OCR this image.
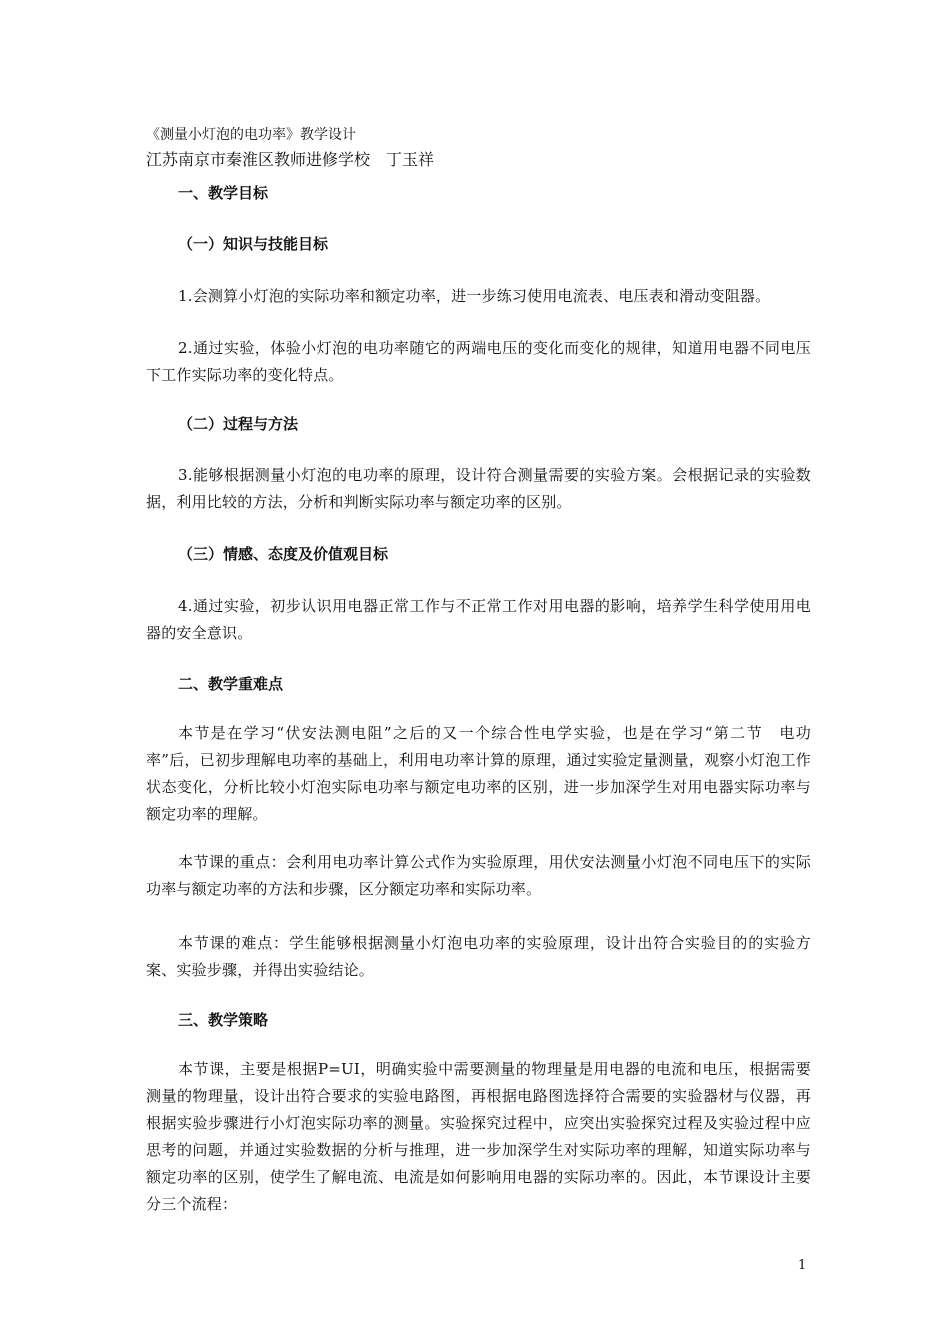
《测量小灯泡的电功率》教学设计
江苏南京市秦淮区教师进修学校　丁玉祥
一、教学目标
（一）知识与技能目标
1.会测算小灯泡的实际功率和额定功率，进一步练习使用电流表、电压表和滑动变阻器。
2.通过实验，体验小灯泡的电功率随它的两端电压的变化而变化的规律，知道用电器不同电压下工作实际功率的变化特点。
（二）过程与方法
3.能够根据测量小灯泡的电功率的原理，设计符合测量需要的实验方案。会根据记录的实验数据，利用比较的方法，分析和判断实际功率与额定功率的区别。
（三）情感、态度及价值观目标
4.通过实验，初步认识用电器正常工作与不正常工作对用电器的影响，培养学生科学使用用电器的安全意识。
二、教学重难点
本节是在学习“伏安法测电阻”之后的又一个综合性电学实验，也是在学习“第二节　电功率”后，已初步理解电功率的基础上，利用电功率计算的原理，通过实验定量测量，观察小灯泡工作状态变化，分析比较小灯泡实际电功率与额定电功率的区别，进一步加深学生对用电器实际功率与额定功率的理解。
本节课的重点：会利用电功率计算公式作为实验原理，用伏安法测量小灯泡不同电压下的实际功率与额定功率的方法和步骤，区分额定功率和实际功率。
本节课的难点：学生能够根据测量小灯泡电功率的实验原理，设计出符合实验目的的实验方案、实验步骤，并得出实验结论。
三、教学策略
本节课，主要是根据P=UI，明确实验中需要测量的物理量是用电器的电流和电压，根据需要测量的物理量，设计出符合要求的实验电路图，再根据电路图选择符合需要的实验器材与仪器，再根据实验步骤进行小灯泡实际功率的测量。实验探究过程中，应突出实验探究过程及实验过程中应思考的问题，并通过实验数据的分析与推理，进一步加深学生对实际功率的理解，知道实际功率与额定功率的区别，使学生了解电流、电流是如何影响用电器的实际功率的。因此，本节课设计主要分三个流程：
1
